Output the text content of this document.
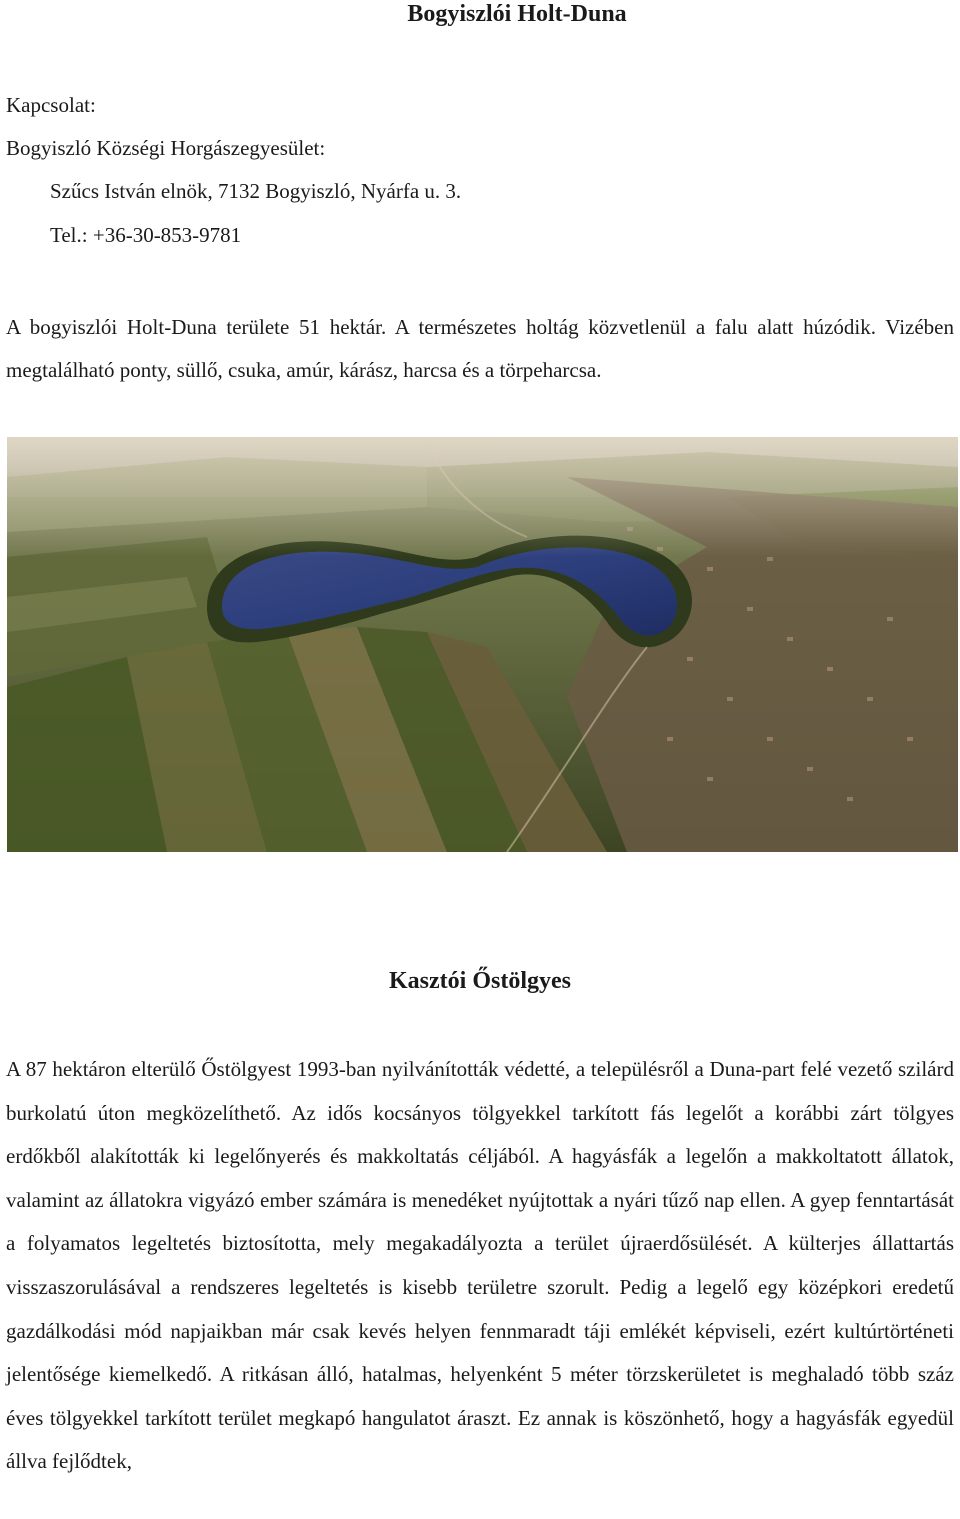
Bogyiszlói Holt-Duna

Kapcsolat:

Bogyiszló Községi Horgászegyesület:

Szűcs István elnök, 7132 Bogyiszló, Nyárfa u. 3.

Tel.: +36-30-853-9781

A bogyiszlói Holt-Duna területe 51 hektár. A természetes holtág közvetlenül a falu alatt húzódik. Vizében megtalálható ponty, süllő, csuka, amúr, kárász, harcsa és a törpeharcsa.

Kasztói Őstölgyes

A 87 hektáron elterülő Őstölgyest 1993-ban nyilvánították védetté, a településről a Duna-part felé vezető szilárd burkolatú úton megközelíthető. Az idős kocsányos tölgyekkel tarkított fás legelőt a korábbi zárt tölgyes erdőkből alakították ki legelőnyerés és makkoltatás céljából. A hagyásfák a legelőn a makkoltatott állatok, valamint az állatokra vigyázó ember számára is menedéket nyújtottak a nyári tűző nap ellen. A gyep fenntartását a folyamatos legeltetés biztosította, mely megakadályozta a terület újraerdősülését. A külterjes állattartás visszaszorulásával a rendszeres legeltetés is kisebb területre szorult. Pedig a legelő egy középkori eredetű gazdálkodási mód napjaikban már csak kevés helyen fennmaradt táji emlékét képviseli, ezért kultúrtörténeti jelentősége kiemelkedő. A ritkásan álló, hatalmas, helyenként 5 méter törzskerületet is meghaladó több száz éves tölgyekkel tarkított terület megkapó hangulatot áraszt. Ez annak is köszönhető, hogy a hagyásfák egyedül állva fejlődtek,
